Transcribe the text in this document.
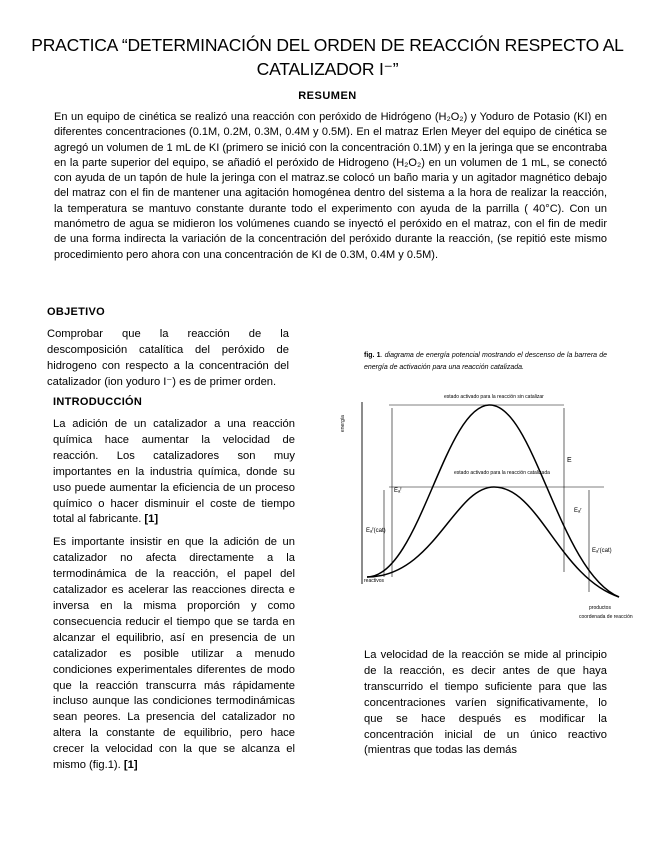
PRACTICA “DETERMINACIÓN DEL ORDEN DE REACCIÓN RESPECTO AL
CATALIZADOR I⁻”
RESUMEN
En un equipo de cinética se realizó una reacción con peróxido de Hidrógeno (H₂O₂) y Yoduro de Potasio (KI) en diferentes concentraciones (0.1M, 0.2M, 0.3M, 0.4M y 0.5M). En el matraz Erlen Meyer del equipo de cinética se agregó un volumen de 1 mL de KI (primero se inició con la concentración 0.1M) y en la jeringa que se encontraba en la parte superior del equipo, se añadió el peróxido de Hidrogeno (H₂O₂) en un volumen de 1 mL, se conectó con ayuda de un tapón de hule la jeringa con el matraz.se colocó un baño maria y un agitador magnético debajo del matraz con el fin de mantener una agitación homogénea dentro del sistema a la hora de realizar la reacción, la temperatura se mantuvo constante durante todo el experimento con ayuda de la parrilla ( 40°C). Con un manómetro de agua se midieron los volúmenes cuando se inyectó el peróxido en el matraz, con el fin de medir de una forma indirecta la variación de la concentración del peróxido durante la reacción, (se repitió este mismo procedimiento pero ahora con una concentración de KI de 0.3M, 0.4M y 0.5M).
OBJETIVO

Comprobar que la reacción de la descomposición catalítica del peróxido de hidrogeno con respecto a la concentración del catalizador (ion yoduro I⁻) es de primer orden.

INTRODUCCIÓN

La adición de un catalizador a una reacción química hace aumentar la velocidad de reacción. Los catalizadores son muy importantes en la industria química, donde su uso puede aumentar la eficiencia de un proceso químico o hacer disminuir el coste de tiempo total al fabricante. [1]

Es importante insistir en que la adición de un catalizador no afecta directamente a la termodinámica de la reacción, el papel del catalizador es acelerar las reacciones directa e inversa en la misma proporción y como consecuencia reducir el tiempo que se tarda en alcanzar el equilibrio, así en presencia de un catalizador es posible utilizar a menudo condiciones experimentales diferentes de modo que la reacción transcurra más rápidamente incluso aunque las condiciones termodinámicas sean peores. La presencia del catalizador no altera la constante de equilibrio, pero hace crecer la velocidad con la que se alcanza el mismo (fig.1). [1]

fig. 1. diagrama de energía potencial mostrando el descenso de la barrera de energía de activación para una reacción catalizada.
energía
estado activado para la reacción sin catalizar
estado activado para la reacción catalizada
reactivos
productos
coordenada de reacción
E
Eₐᶠ
Eₐᶠ(cat)
Eₐʳ
Eₐʳ(cat)
La velocidad de la reacción se mide al principio de la reacción, es decir antes de que haya transcurrido el tiempo suficiente para que las concentraciones varíen significativamente, lo que se hace después es modificar la concentración inicial de un único reactivo (mientras que todas las demás
